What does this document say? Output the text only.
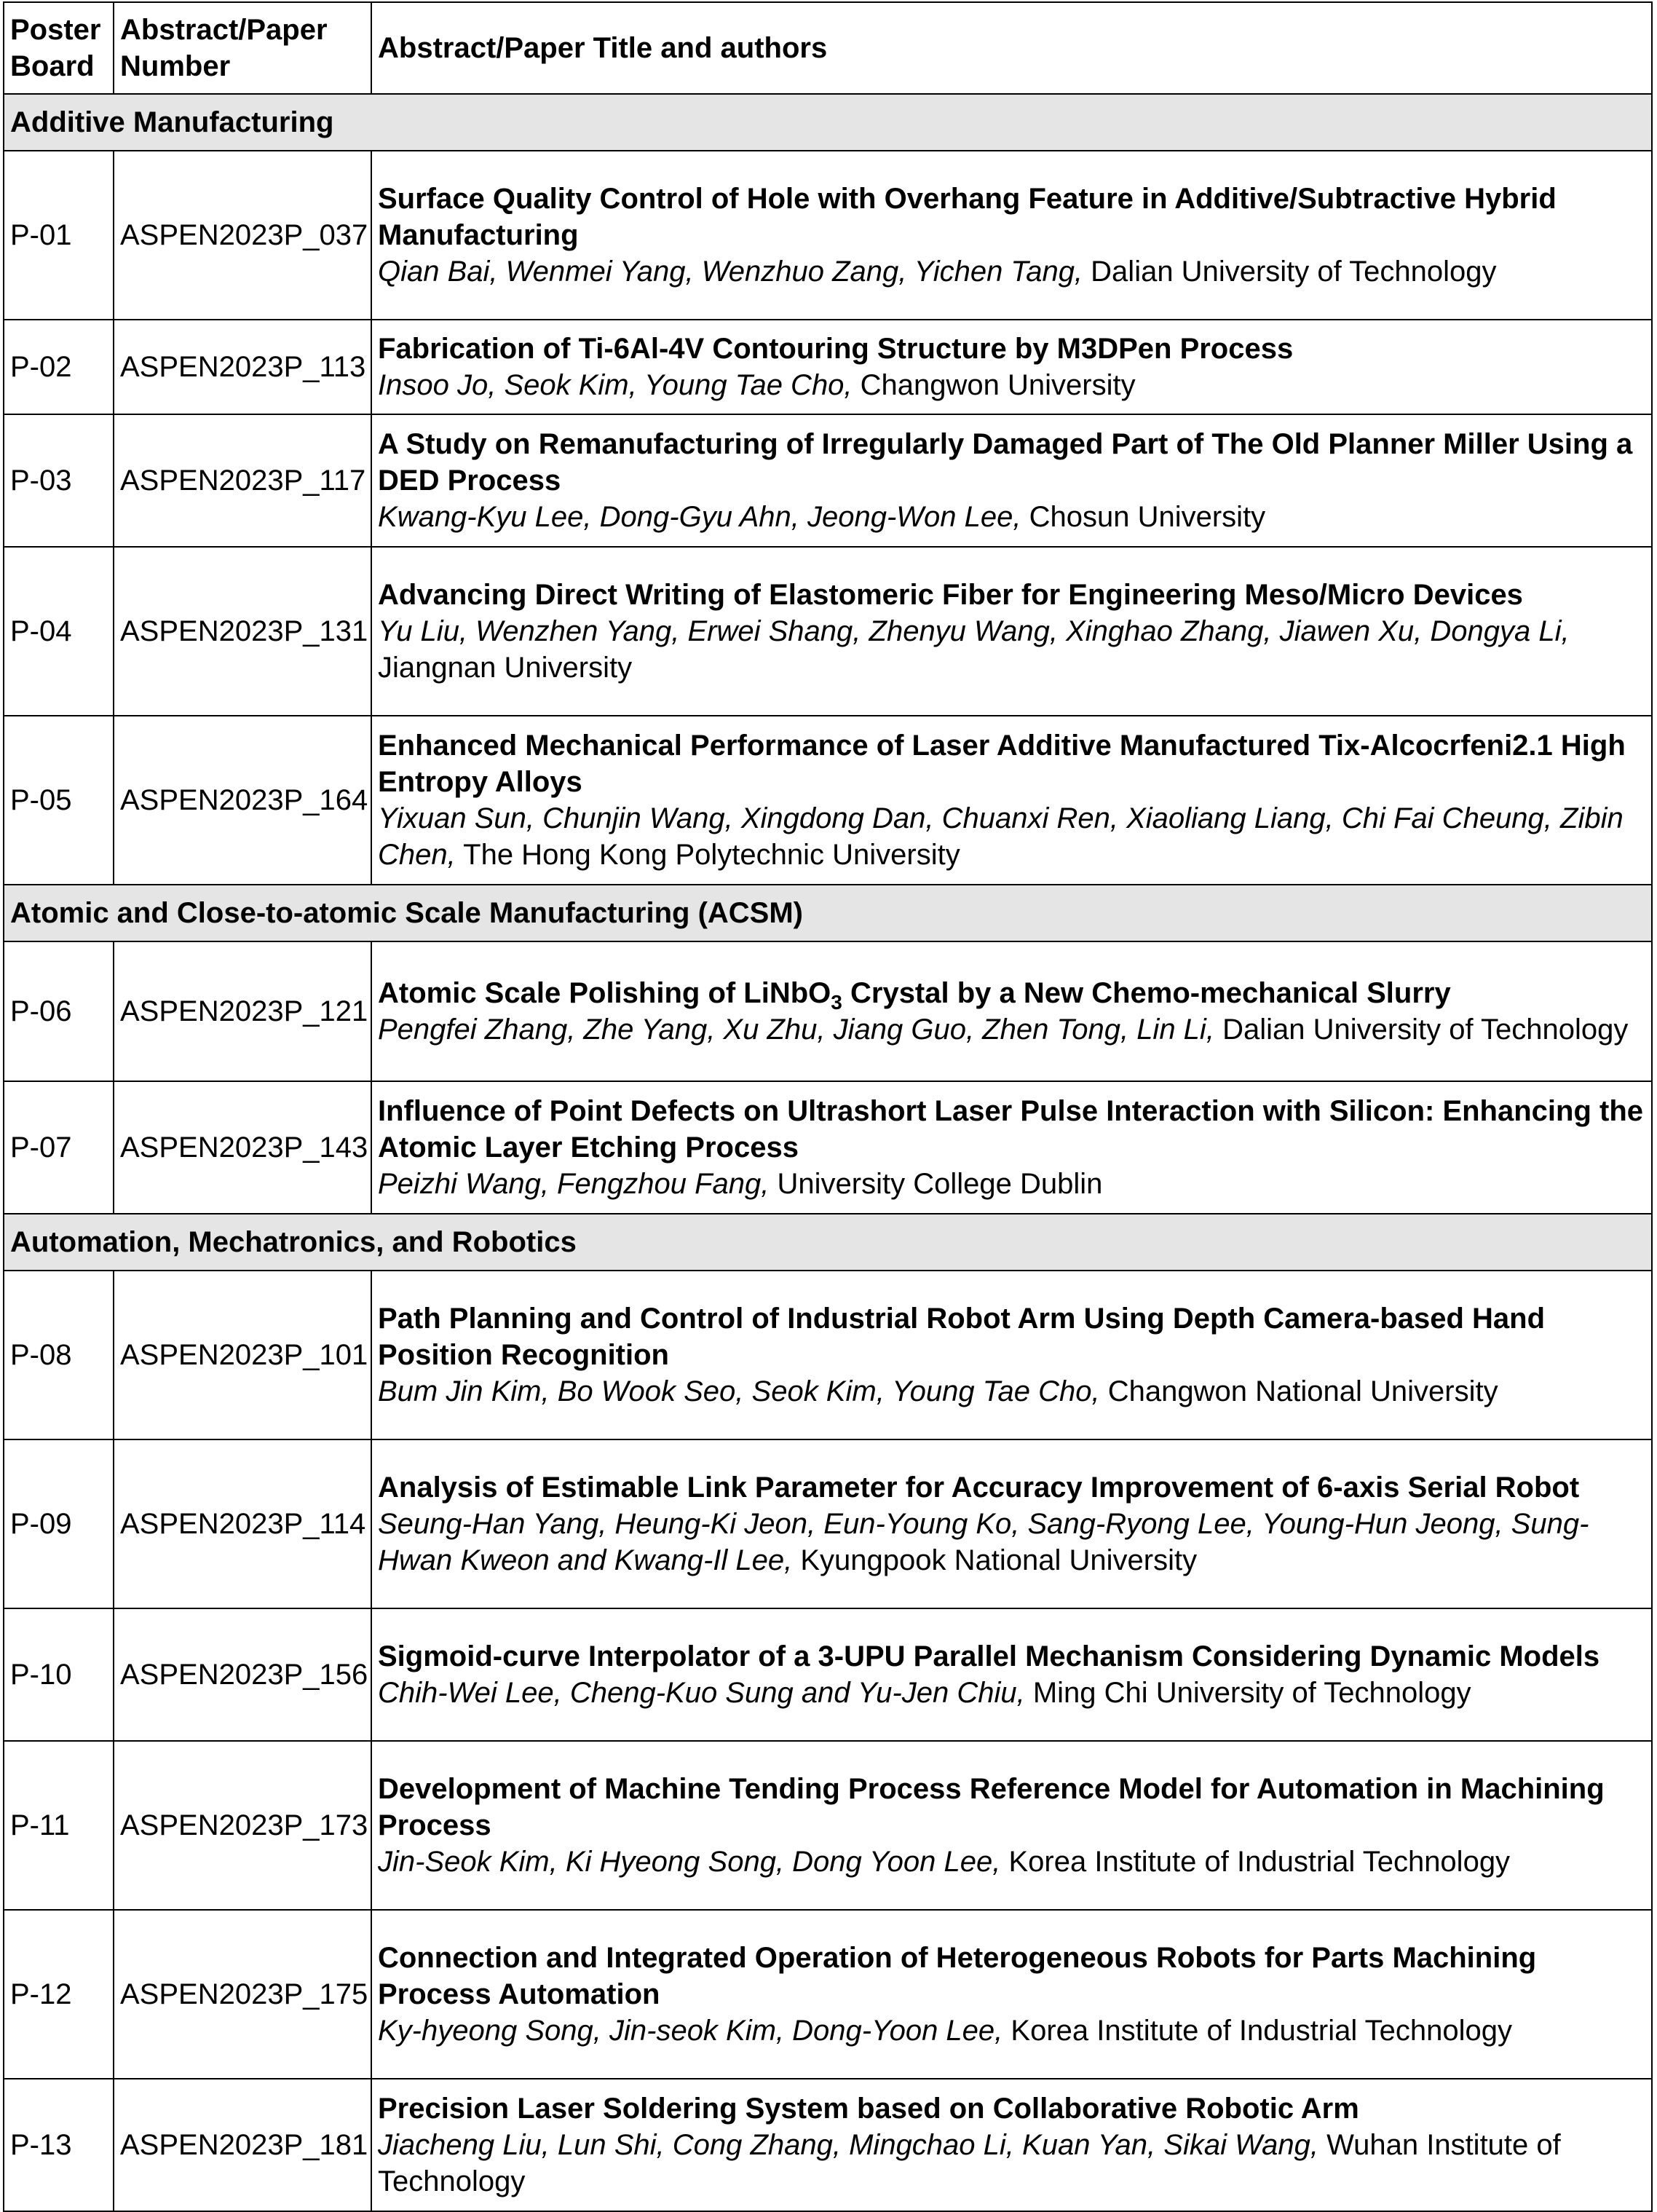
Poster Board	Abstract/Paper Number	Abstract/Paper Title and authors
Additive Manufacturing		
P-01	ASPEN2023P_037	Surface Quality Control of Hole with Overhang Feature in Additive/Subtractive Hybrid Manufacturing
Qian Bai, Wenmei Yang, Wenzhuo Zang, Yichen Tang, Dalian University of Technology
P-02	ASPEN2023P_113	Fabrication of Ti-6Al-4V Contouring Structure by M3DPen Process
Insoo Jo, Seok Kim, Young Tae Cho, Changwon University
P-03	ASPEN2023P_117	A Study on Remanufacturing of Irregularly Damaged Part of The Old Planner Miller Using a DED Process
Kwang-Kyu Lee, Dong-Gyu Ahn, Jeong-Won Lee, Chosun University
P-04	ASPEN2023P_131	Advancing Direct Writing of Elastomeric Fiber for Engineering Meso/Micro Devices
Yu Liu, Wenzhen Yang, Erwei Shang, Zhenyu Wang, Xinghao Zhang, Jiawen Xu, Dongya Li, Jiangnan University
P-05	ASPEN2023P_164	Enhanced Mechanical Performance of Laser Additive Manufactured Tix-Alcocrfeni2.1 High Entropy Alloys
Yixuan Sun, Chunjin Wang, Xingdong Dan, Chuanxi Ren, Xiaoliang Liang, Chi Fai Cheung, Zibin Chen, The Hong Kong Polytechnic University
Atomic and Close-to-atomic Scale Manufacturing (ACSM)		
P-06	ASPEN2023P_121	Atomic Scale Polishing of LiNbO$_3$ Crystal by a New Chemo-mechanical Slurry
Pengfei Zhang, Zhe Yang, Xu Zhu, Jiang Guo, Zhen Tong, Lin Li, Dalian University of Technology
P-07	ASPEN2023P_143	Influence of Point Defects on Ultrashort Laser Pulse Interaction with Silicon: Enhancing the Atomic Layer Etching Process
Peizhi Wang, Fengzhou Fang, University College Dublin
Automation, Mechatronics, and Robotics		
P-08	ASPEN2023P_101	Path Planning and Control of Industrial Robot Arm Using Depth Camera-based Hand Position Recognition
Bum Jin Kim, Bo Wook Seo, Seok Kim, Young Tae Cho, Changwon National University
P-09	ASPEN2023P_114	Analysis of Estimable Link Parameter for Accuracy Improvement of 6-axis Serial Robot
Seung-Han Yang, Heung-Ki Jeon, Eun-Young Ko, Sang-Ryong Lee, Young-Hun Jeong, Sung-Hwan Kweon and Kwang-Il Lee, Kyungpook National University
P-10	ASPEN2023P_156	Sigmoid-curve Interpolator of a 3-UPU Parallel Mechanism Considering Dynamic Models
Chih-Wei Lee, Cheng-Kuo Sung and Yu-Jen Chiu, Ming Chi University of Technology
P-11	ASPEN2023P_173	Development of Machine Tending Process Reference Model for Automation in Machining Process
Jin-Seok Kim, Ki Hyeong Song, Dong Yoon Lee, Korea Institute of Industrial Technology
P-12	ASPEN2023P_175	Connection and Integrated Operation of Heterogeneous Robots for Parts Machining Process Automation
Ky-hyeong Song, Jin-seok Kim, Dong-Yoon Lee, Korea Institute of Industrial Technology
P-13	ASPEN2023P_181	Precision Laser Soldering System based on Collaborative Robotic Arm
Jiacheng Liu, Lun Shi, Cong Zhang, Mingchao Li, Kuan Yan, Sikai Wang, Wuhan Institute of Technology
